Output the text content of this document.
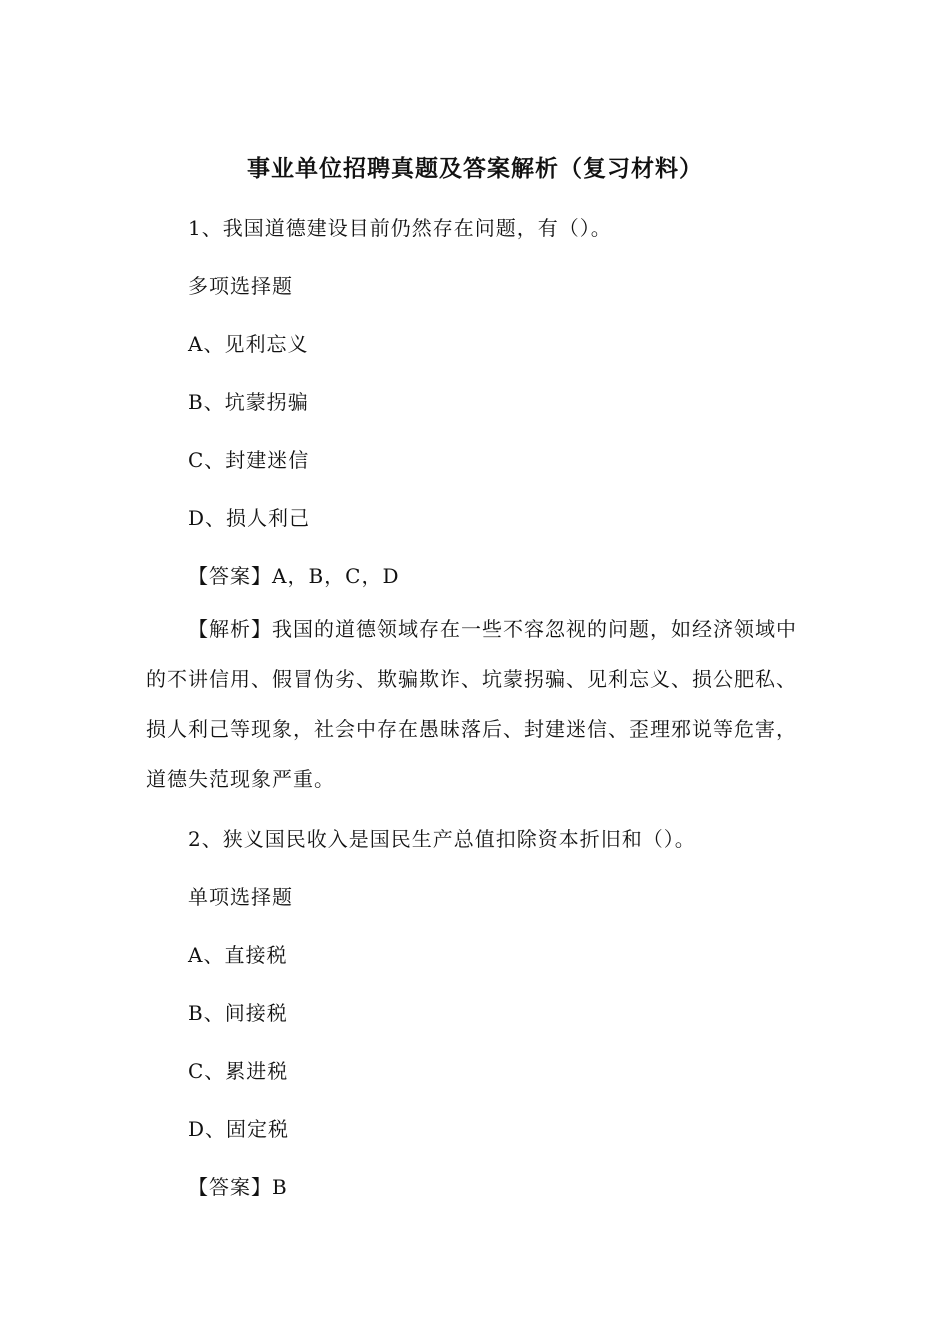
事业单位招聘真题及答案解析（复习材料）
1、我国道德建设目前仍然存在问题，有（）。
多项选择题
A、见利忘义
B、坑蒙拐骗
C、封建迷信
D、损人利己
【答案】A，B，C，D
【解析】我国的道德领域存在一些不容忽视的问题，如经济领域中的不讲信用、假冒伪劣、欺骗欺诈、坑蒙拐骗、见利忘义、损公肥私、损人利己等现象，社会中存在愚昧落后、封建迷信、歪理邪说等危害，道德失范现象严重。
2、狭义国民收入是国民生产总值扣除资本折旧和（）。
单项选择题
A、直接税
B、间接税
C、累进税
D、固定税
【答案】B
